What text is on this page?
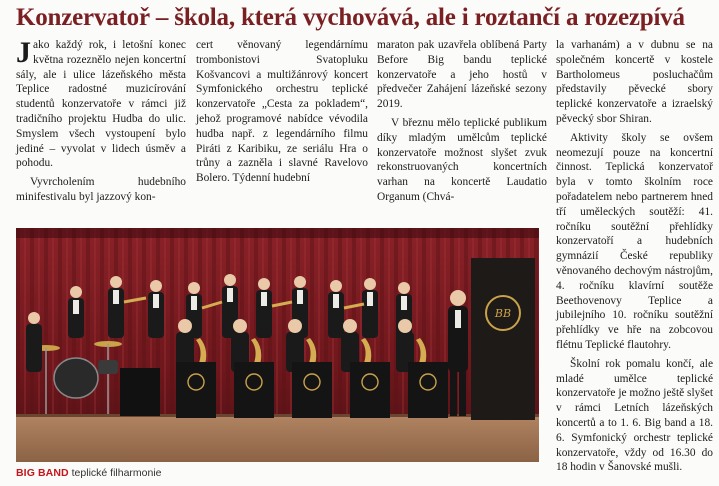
Konzervatoř – škola, která vychovává, ale i roztančí a rozezpívá

Jako každý rok, i letošní konec května rozeznělo nejen koncertní sály, ale i ulice lázeňského města Teplice radostné muzicírování studentů konzervatoře v rámci již tradičního projektu Hudba do ulic. Smyslem všech vystoupení bylo jediné – vyvolat v lidech úsměv a pohodu.

Vyvrcholením hudebního minifestivalu byl jazzový kon-

cert věnovaný legendárnímu trombonistovi Svatopluku Košvancovi a multižánrový koncert Symfonického orchestru teplické konzervatoře „Cesta za pokladem“, jehož programové nabídce vévodila hudba např. z legendárního filmu Piráti z Karibiku, ze seriálu Hra o trůny a zazněla i slavné Ravelovo Bolero. Týdenní hudební

maraton pak uzavřela oblíbená Party Before Big bandu teplické konzervatoře a jeho hostů v předvečer Zahájení lázeňské sezony 2019.

V březnu mělo teplické publikum díky mladým umělcům teplické konzervatoře možnost slyšet zvuk rekonstruovaných koncertních varhan na koncertě Laudatio Organum (Chvá-

la varhanám) a v dubnu se na společném koncertě v kostele Bartholomeus posluchačům představily pěvecké sbory teplické konzervatoře a izraelský pěvecký sbor Shiran.

Aktivity školy se ovšem neomezují pouze na koncertní činnost. Teplická konzervatoř byla v tomto školním roce pořadatelem nebo partnerem hned tří uměleckých soutěží: 41. ročníku soutěžní přehlídky konzervatoří a hudebních gymnázií České republiky věnovaného dechovým nástrojům, 4. ročníku klavírní soutěže Beethovenovy Teplice a jubilejního 10. ročníku soutěžní přehlídky ve hře na zobcovou flétnu Teplické flautohry.

Školní rok pomalu končí, ale mladé umělce teplické konzervatoře je možno ještě slyšet v rámci Letních lázeňských koncertů a to 1. 6. Big band a 18. 6. Symfonický orchestr teplické konzervatoře, vždy od 16.30 do 18 hodin v Šanovské mušli.

BB
BIG BAND teplické filharmonie
